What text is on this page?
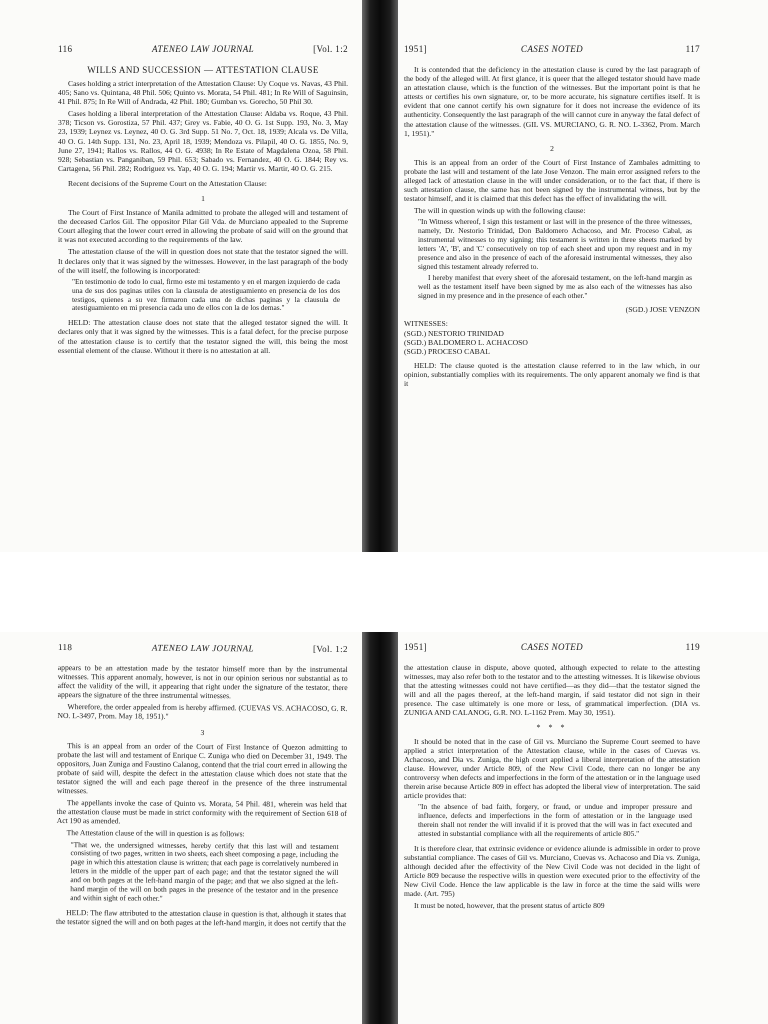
116	ATENEO LAW JOURNAL	[Vol. 1:2
WILLS AND SUCCESSION — ATTESTATION CLAUSE

Cases holding a strict interpretation of the Attestation Clause: Uy Coque vs. Navas, 43 Phil. 405; Sano vs. Quintana, 48 Phil. 506; Quinto vs. Morata, 54 Phil. 481; In Re Will of Saguinsin, 41 Phil. 875; In Re Will of Andrada, 42 Phil. 180; Gumban vs. Gorecho, 50 Phil 30.

Cases holding a liberal interpretation of the Attestation Clause: Aldaba vs. Roque, 43 Phil. 378; Ticson vs. Gorostiza, 57 Phil. 437; Grey vs. Fabie, 40 O. G. 1st Supp. 193, No. 3, May 23, 1939; Leynez vs. Leynez, 40 O. G. 3rd Supp. 51 No. 7, Oct. 18, 1939; Alcala vs. De Villa, 40 O. G. 14th Supp. 131, No. 23, April 18, 1939; Mendoza vs. Pilapil, 40 O. G. 1855, No. 9, June 27, 1941; Rallos vs. Rallos, 44 O. G. 4938; In Re Estate of Magdalena Ozoa, 58 Phil. 928; Sebastian vs. Panganiban, 59 Phil. 653; Sabado vs. Fernandez, 40 O. G. 1844; Rey vs. Cartagena, 56 Phil. 282; Rodriguez vs. Yap, 40 O. G. 194; Martir vs. Martir, 40 O. G. 215.

Recent decisions of the Supreme Court on the Attestation Clause:

1

The Court of First Instance of Manila admitted to probate the alleged will and testament of the deceased Carlos Gil. The oppositor Pilar Gil Vda. de Murciano appealed to the Supreme Court alleging that the lower court erred in allowing the probate of said will on the ground that it was not executed according to the requirements of the law.

The attestation clause of the will in question does not state that the testator signed the will. It declares only that it was signed by the witnesses. However, in the last paragraph of the body of the will itself, the following is incorporated:

"En testimonio de todo lo cual, firmo este mi testamento y en el margen izquierdo de cada una de sus dos paginas utiles con la clausula de atestiguamiento en presencia de los dos testigos, quienes a su vez firmaron cada una de dichas paginas y la clausula de atestiguamiento en mi presencia cada uno de ellos con la de los demas."

HELD: The attestation clause does not state that the alleged testator signed the will. It declares only that it was signed by the witnesses. This is a fatal defect, for the precise purpose of the attestation clause is to certify that the testator signed the will, this being the most essential element of the clause. Without it there is no attestation at all.

1951]	CASES NOTED	117

It is contended that the deficiency in the attestation clause is cured by the last paragraph of the body of the alleged will. At first glance, it is queer that the alleged testator should have made an attestation clause, which is the function of the witnesses. But the important point is that he attests or certifies his own signature, or, to be more accurate, his signature certifies itself. It is evident that one cannot certify his own signature for it does not increase the evidence of its authenticity. Consequently the last paragraph of the will cannot cure in anyway the fatal defect of the attestation clause of the witnesses. (GIL VS. MURCIANO, G. R. NO. L-3362, Prom. March 1, 1951)."

2

This is an appeal from an order of the Court of First Instance of Zambales admitting to probate the last will and testament of the late Jose Venzon. The main error assigned refers to the alleged lack of attestation clause in the will under consideration, or to the fact that, if there is such attestation clause, the same has not been signed by the instrumental witness, but by the testator himself, and it is claimed that this defect has the effect of invalidating the will.

The will in question winds up with the following clause:

"In Witness whereof, I sign this testament or last will in the presence of the three witnesses, namely, Dr. Nestorio Trinidad, Don Baldomero Achacoso, and Mr. Proceso Cabal, as instrumental witnesses to my signing; this testament is written in three sheets marked by letters 'A', 'B', and 'C' consecutively on top of each sheet and upon my request and in my presence and also in the presence of each of the aforesaid instrumental witnesses, they also signed this testament already referred to.

I hereby manifest that every sheet of the aforesaid testament, on the left-hand margin as well as the testament itself have been signed by me as also each of the witnesses has also signed in my presence and in the presence of each other."

(SGD.) JOSE VENZON
WITNESSES:
(SGD.) NESTORIO TRINIDAD
(SGD.) BALDOMERO L. ACHACOSO
(SGD.) PROCESO CABAL

HELD: The clause quoted is the attestation clause referred to in the law which, in our opinion, substantially complies with its requirements. The only apparent anomaly we find is that it

118	ATENEO LAW JOURNAL	[Vol. 1:2

appears to be an attestation made by the testator himself more than by the instrumental witnesses. This apparent anomaly, however, is not in our opinion serious nor substantial as to affect the validity of the will, it appearing that right under the signature of the testator, there appears the signature of the three instrumental witnesses.

Wherefore, the order appealed from is hereby affirmed. (CUEVAS VS. ACHACOSO, G. R. NO. L-3497, Prom. May 18, 1951)."

3

This is an appeal from an order of the Court of First Instance of Quezon admitting to probate the last will and testament of Enrique C. Zuniga who died on December 31, 1949. The oppositors, Juan Zuniga and Faustino Calanog, contend that the trial court erred in allowing the probate of said will, despite the defect in the attestation clause which does not state that the testator signed the will and each page thereof in the presence of the three instrumental witnesses.

The appellants invoke the case of Quinto vs. Morata, 54 Phil. 481, wherein was held that the attestation clause must be made in strict conformity with the requirement of Section 618 of Act 190 as amended.

The Attestation clause of the will in question is as follows:

"That we, the undersigned witnesses, hereby certify that this last will and testament consisting of two pages, written in two sheets, each sheet composing a page, including the page in which this attestation clause is written; that each page is correlatively numbered in letters in the middle of the upper part of each page; and that the testator signed the will and on both pages at the left-hand margin of the page; and that we also signed at the left-hand margin of the will on both pages in the presence of the testator and in the presence and within sight of each other."

HELD: The flaw attributed to the attestation clause in question is that, although it states that the testator signed the will and on both pages at the left-hand margin, it does not certify that the

1951]	CASES NOTED	119

the attestation clause in dispute, above quoted, although expected to relate to the attesting witnesses, may also refer both to the testator and to the attesting witnesses. It is likewise obvious that the attesting witnesses could not have certified—as they did—that the testator signed the will and all the pages thereof, at the left-hand margin, if said testator did not sign in their presence. The case ultimately is one more or less, of grammatical imperfection. (DIA vs. ZUNIGA AND CALANOG, G.R. NO. L-1162 Prem. May 30, 1951).

* * *

It should be noted that in the case of Gil vs. Murciano the Supreme Court seemed to have applied a strict interpretation of the Attestation clause, while in the cases of Cuevas vs. Achacoso, and Dia vs. Zuniga, the high court applied a liberal interpretation of the attestation clause. However, under Article 809, of the New Civil Code, there can no longer be any controversy when defects and imperfections in the form of the attestation or in the language used therein arise because Article 809 in effect has adopted the liberal view of interpretation. The said article provides that:

"In the absence of bad faith, forgery, or fraud, or undue and improper pressure and influence, defects and imperfections in the form of attestation or in the language used therein shall not render the will invalid if it is proved that the will was in fact executed and attested in substantial compliance with all the requirements of article 805."

It is therefore clear, that extrinsic evidence or evidence aliunde is admissible in order to prove substantial compliance. The cases of Gil vs. Murciano, Cuevas vs. Achacoso and Dia vs. Zuniga, although decided after the effectivity of the New Civil Code was not decided in the light of Article 809 because the respective wills in question were executed prior to the effectivity of the New Civil Code. Hence the law applicable is the law in force at the time the said wills were made. (Art. 795)

It must be noted, however, that the present status of article 809
